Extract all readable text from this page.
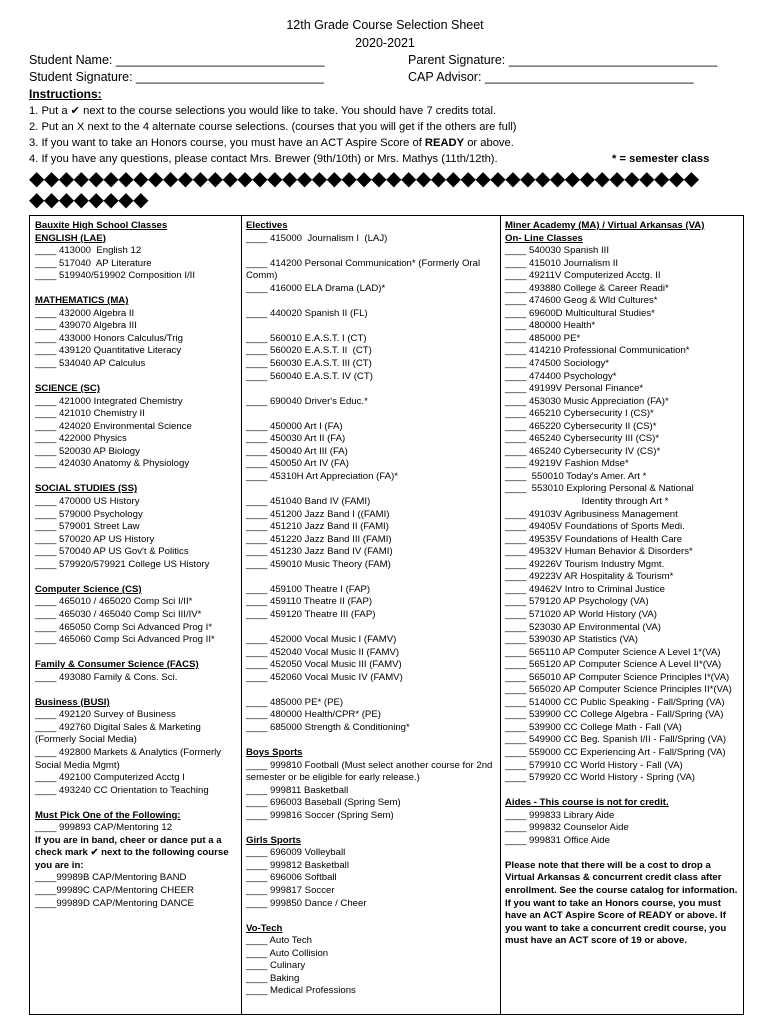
12th Grade Course Selection Sheet
2020-2021
Student Name: ______________________________	Parent Signature: ______________________________
Student Signature: ___________________________	CAP Advisor: ______________________________
Instructions:
1. Put a ✔ next to the course selections you would like to take. You should have 7 credits total.
2. Put an X next to the 4 alternate course selections. (courses that you will get if the others are full)
3. If you want to take an Honors course, you must have an ACT Aspire Score of READY or above.
4. If you have any questions, please contact Mrs. Brewer (9th/10th) or Mrs. Mathys (11th/12th).	* = semester class
◆◆◆◆◆◆◆◆◆◆◆◆◆◆◆◆◆◆◆◆◆◆◆◆◆◆◆◆◆◆◆◆◆◆◆◆◆◆◆◆◆◆◆◆◆
◆◆◆◆◆◆◆◆
Bauxite High School Classes
ENGLISH (LAE)
____ 413000  English 12
____ 517040  AP Literature
____ 519940/519902 Composition I/II
MATHEMATICS (MA)
____ 432000 Algebra II
____ 439070 Algebra III
____ 433000 Honors Calculus/Trig
____ 439120 Quantitative Literacy
____ 534040 AP Calculus
SCIENCE (SC)
____ 421000 Integrated Chemistry
____ 421010 Chemistry II
____ 424020 Environmental Science
____ 422000 Physics
____ 520030 AP Biology
____ 424030 Anatomy & Physiology
SOCIAL STUDIES (SS)
____ 470000 US History
____ 579000 Psychology
____ 579001 Street Law
____ 570020 AP US History
____ 570040 AP US Gov't & Politics
____ 579920/579921 College US History
Computer Science (CS)
____ 465010 / 465020 Comp Sci I/II*
____ 465030 / 465040 Comp Sci III/IV*
____ 465050 Comp Sci Advanced Prog I*
____ 465060 Comp Sci Advanced Prog II*
Family & Consumer Science (FACS)
____ 493080 Family & Cons. Sci.
Business (BUSI)
____ 492120 Survey of Business
____ 492760 Digital Sales & Marketing (Formerly Social Media)
____ 492800 Markets & Analytics (Formerly Social Media Mgmt)
____ 492100 Computerized Acctg I
____ 493240 CC Orientation to Teaching
Must Pick One of the Following:
____ 999893 CAP/Mentoring 12
If you are in band, cheer or dance put a a check mark ✔ next to the following course you are in:
____99989B CAP/Mentoring BAND
____99989C CAP/Mentoring CHEER
____99989D CAP/Mentoring DANCE
Electives
____ 415000  Journalism I  (LAJ)
____ 414200 Personal Communication* (Formerly Oral Comm)
____ 416000 ELA Drama (LAD)*
____ 440020 Spanish II (FL)
____ 560010 E.A.S.T. I (CT)
____ 560020 E.A.S.T. II  (CT)
____ 560030 E.A.S.T. III (CT)
____ 560040 E.A.S.T. IV (CT)
____ 690040 Driver's Educ.*
____ 450000 Art I (FA)
____ 450030 Art II (FA)
____ 450040 Art III (FA)
____ 450050 Art IV (FA)
____ 45310H Art Appreciation (FA)*
____ 451040 Band IV (FAMI)
____ 451200 Jazz Band I ((FAMI)
____ 451210 Jazz Band II (FAMI)
____ 451220 Jazz Band III (FAMI)
____ 451230 Jazz Band IV (FAMI)
____ 459010 Music Theory (FAM)
____ 459100 Theatre I (FAP)
____ 459110 Theatre II (FAP)
____ 459120 Theatre III (FAP)
____ 452000 Vocal Music I (FAMV)
____ 452040 Vocal Music II (FAMV)
____ 452050 Vocal Music III (FAMV)
____ 452060 Vocal Music IV (FAMV)
____ 485000 PE* (PE)
____ 480000 Health/CPR* (PE)
____ 685000 Strength & Conditioning*
Boys Sports
____ 999810 Football (Must select another course for 2nd semester or be eligible for early release.)
____ 999811 Basketball
____ 696003 Baseball (Spring Sem)
____ 999816 Soccer (Spring Sem)
Girls Sports
____ 696009 Volleyball
____ 999812 Basketball
____ 696006 Softball
____ 999817 Soccer
____ 999850 Dance / Cheer
Vo-Tech
____ Auto Tech
____ Auto Collision
____ Culinary
____ Baking
____ Medical Professions
Miner Academy (MA) / Virtual Arkansas (VA)
On- Line Classes
____ 540030 Spanish III
____ 415010 Journalism II
____ 49211V Computerized Acctg. II
____ 493880 College & Career Readi*
____ 474600 Geog & Wld Cultures*
____ 69600D Multicultural Studies*
____ 480000 Health*
____ 485000 PE*
____ 414210 Professional Communication*
____ 474500 Sociology*
____ 474400 Psychology*
____ 49199V Personal Finance*
____ 453030 Music Appreciation (FA)*
____ 465210 Cybersecurity I (CS)*
____ 465220 Cybersecurity II (CS)*
____ 465240 Cybersecurity III (CS)*
____ 465240 Cybersecurity IV (CS)*
____ 49219V Fashion Mdse*
____  550010 Today's Amer. Art *
____  553010 Exploring Personal & National
Identity through Art *
____ 49103V Agribusiness Management
____ 49405V Foundations of Sports Medi.
____ 49535V Foundations of Health Care
____ 49532V Human Behavior & Disorders*
____ 49226V Tourism Industry Mgmt.
____ 49223V AR Hospitality & Tourism*
____ 49462V Intro to Criminal Justice
____ 579120 AP Psychology (VA)
____ 571020 AP World History (VA)
____ 523030 AP Environmental (VA)
____ 539030 AP Statistics (VA)
____ 565110 AP Computer Science A Level 1*(VA)
____ 565120 AP Computer Science A Level II*(VA)
____ 565010 AP Computer Science Principles I*(VA)
____ 565020 AP Computer Science Principles II*(VA)
____ 514000 CC Public Speaking - Fall/Spring (VA)
____ 539900 CC College Algebra - Fall/Spring (VA)
____ 539900 CC College Math - Fall (VA)
____ 549900 CC Beg. Spanish I/II - Fall/Spring (VA)
____ 559000 CC Experiencing Art - Fall/Spring (VA)
____ 579910 CC World History - Fall (VA)
____ 579920 CC World History - Spring (VA)
Aides - This course is not for credit.
____ 999833 Library Aide
____ 999832 Counselor Aide
____ 999831 Office Aide
Please note that there will be a cost to drop a Virtual Arkansas & concurrent credit class after enrollment. See the course catalog for information. If you want to take an Honors course, you must have an ACT Aspire Score of READY or above. If you want to take a concurrent credit course, you must have an ACT score of 19 or above.
